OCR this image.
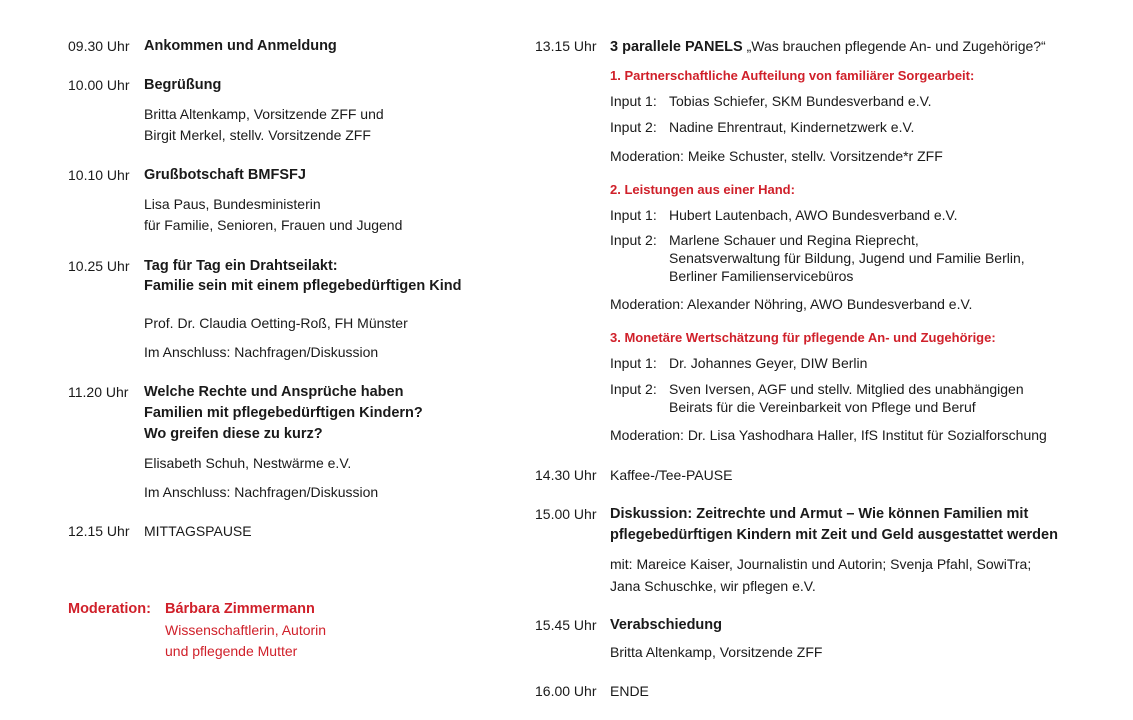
09.30 Uhr Ankommen und Anmeldung
10.00 Uhr Begrüßung
Britta Altenkamp, Vorsitzende ZFF und
Birgit Merkel, stellv. Vorsitzende ZFF
10.10 Uhr Grußbotschaft BMFSFJ
Lisa Paus, Bundesministerin
für Familie, Senioren, Frauen und Jugend
10.25 Uhr Tag für Tag ein Drahtseilakt:
Familie sein mit einem pflegebedürftigen Kind
Prof. Dr. Claudia Oetting-Roß, FH Münster
Im Anschluss: Nachfragen/Diskussion
11.20 Uhr Welche Rechte und Ansprüche haben
Familien mit pflegebedürftigen Kindern?
Wo greifen diese zu kurz?
Elisabeth Schuh, Nestwärme e.V.
Im Anschluss: Nachfragen/Diskussion
12.15 Uhr MITTAGSPAUSE
Moderation: Bárbara Zimmermann
Wissenschaftlerin, Autorin
und pflegende Mutter
13.15 Uhr 3 parallele PANELS „Was brauchen pflegende An- und Zugehörige?“
1. Partnerschaftliche Aufteilung von familiärer Sorgearbeit:
Input 1: Tobias Schiefer, SKM Bundesverband e.V.
Input 2: Nadine Ehrentraut, Kindernetzwerk e.V.
Moderation: Meike Schuster, stellv. Vorsitzende*r ZFF
2. Leistungen aus einer Hand:
Input 1: Hubert Lautenbach, AWO Bundesverband e.V.
Input 2: Marlene Schauer und Regina Rieprecht,
Senatsverwaltung für Bildung, Jugend und Familie Berlin,
Berliner Familienservicebüros
Moderation: Alexander Nöhring, AWO Bundesverband e.V.
3. Monetäre Wertschätzung für pflegende An- und Zugehörige:
Input 1: Dr. Johannes Geyer, DIW Berlin
Input 2: Sven Iversen, AGF und stellv. Mitglied des unabhängigen
Beirats für die Vereinbarkeit von Pflege und Beruf
Moderation: Dr. Lisa Yashodhara Haller, IfS Institut für Sozialforschung
14.30 Uhr Kaffee-/Tee-PAUSE
15.00 Uhr Diskussion: Zeitrechte und Armut – Wie können Familien mit
pflegebedürftigen Kindern mit Zeit und Geld ausgestattet werden
mit: Mareice Kaiser, Journalistin und Autorin; Svenja Pfahl, SowiTra;
Jana Schuschke, wir pflegen e.V.
15.45 Uhr Verabschiedung
Britta Altenkamp, Vorsitzende ZFF
16.00 Uhr ENDE
